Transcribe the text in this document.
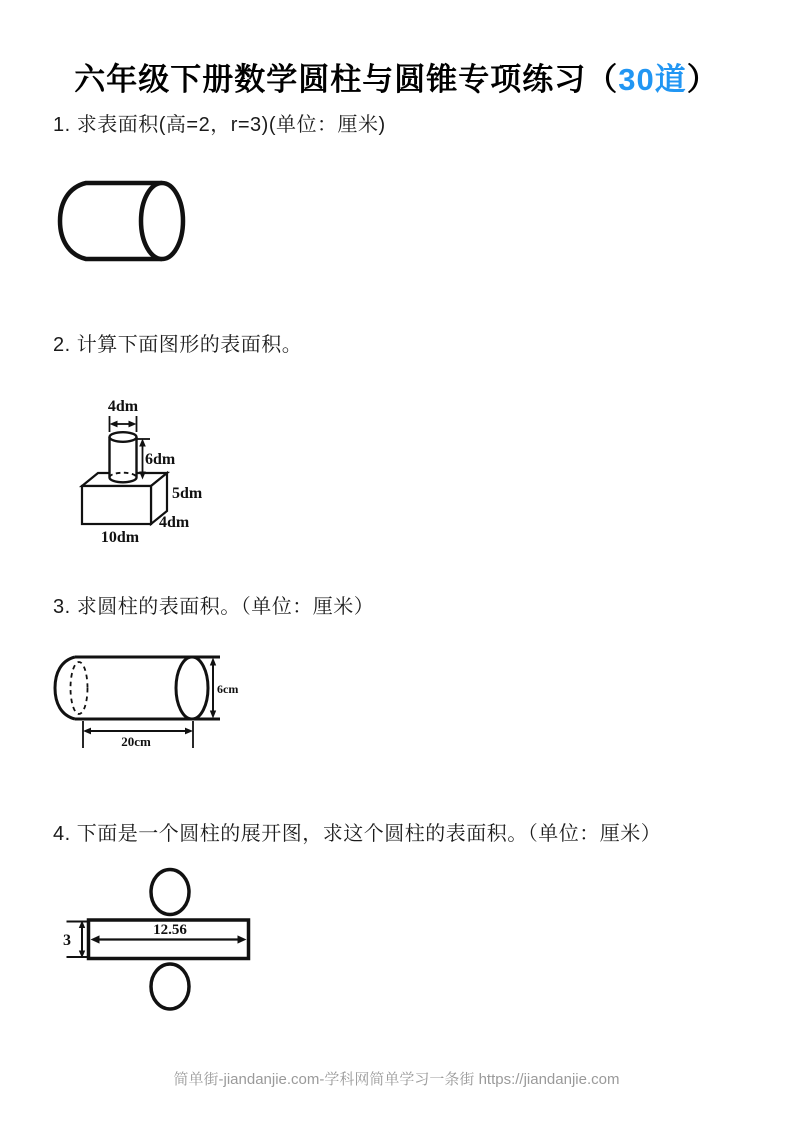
六年级下册数学圆柱与圆锥专项练习（30道）
1. 求表面积(高=2，r=3)(单位：厘米)
2. 计算下面图形的表面积。
4dm
6dm
5dm
4dm
10dm
3. 求圆柱的表面积。（单位：厘米）
6cm
20cm
4. 下面是一个圆柱的展开图，求这个圆柱的表面积。（单位：厘米）
3
12.56
简单街-jiandanjie.com-学科网简单学习一条街 https://jiandanjie.com
